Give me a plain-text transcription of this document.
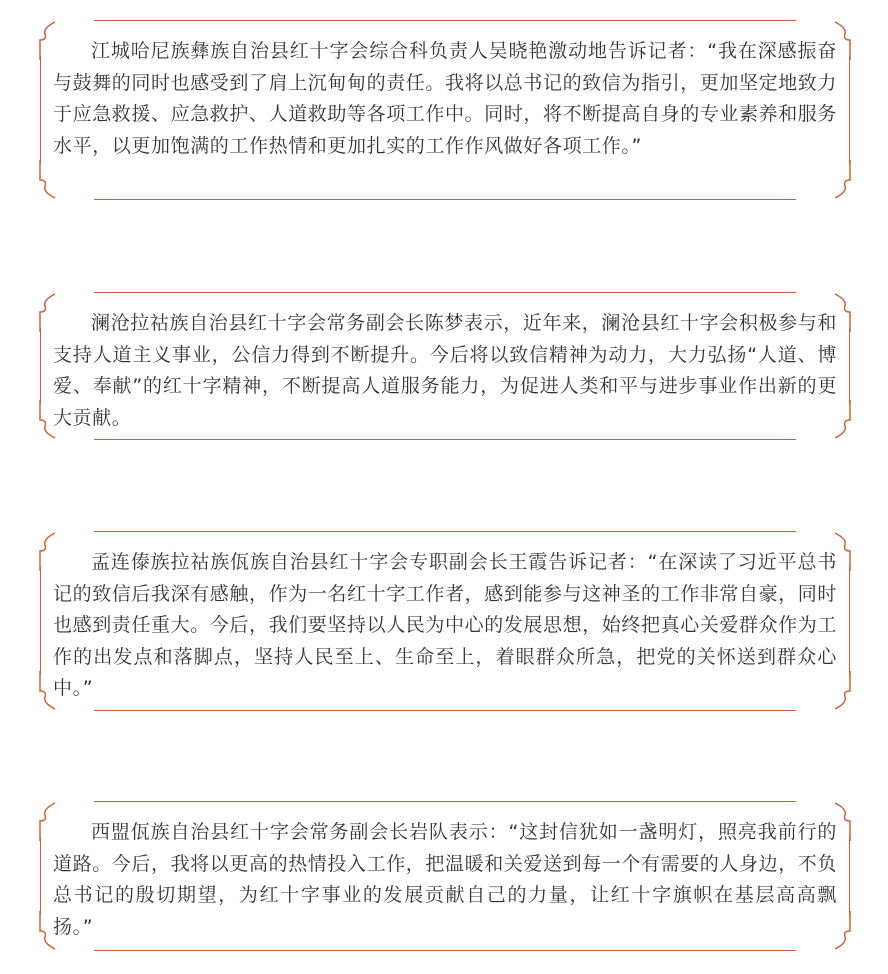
江城哈尼族彝族自治县红十字会综合科负责人吴晓艳激动地告诉记者：“我在深感振奋与鼓舞的同时也感受到了肩上沉甸甸的责任。我将以总书记的致信为指引，更加坚定地致力于应急救援、应急救护、人道救助等各项工作中。同时，将不断提高自身的专业素养和服务水平，以更加饱满的工作热情和更加扎实的工作作风做好各项工作。”

澜沧拉祜族自治县红十字会常务副会长陈梦表示，近年来，澜沧县红十字会积极参与和支持人道主义事业，公信力得到不断提升。今后将以致信精神为动力，大力弘扬“人道、博爱、奉献”的红十字精神，不断提高人道服务能力，为促进人类和平与进步事业作出新的更大贡献。

孟连傣族拉祜族佤族自治县红十字会专职副会长王霞告诉记者：“在深读了习近平总书记的致信后我深有感触，作为一名红十字工作者，感到能参与这神圣的工作非常自豪，同时也感到责任重大。今后，我们要坚持以人民为中心的发展思想，始终把真心关爱群众作为工作的出发点和落脚点，坚持人民至上、生命至上，着眼群众所急，把党的关怀送到群众心中。”

西盟佤族自治县红十字会常务副会长岩队表示：“这封信犹如一盏明灯，照亮我前行的道路。今后，我将以更高的热情投入工作，把温暖和关爱送到每一个有需要的人身边，不负总书记的殷切期望，为红十字事业的发展贡献自己的力量，让红十字旗帜在基层高高飘扬。”
